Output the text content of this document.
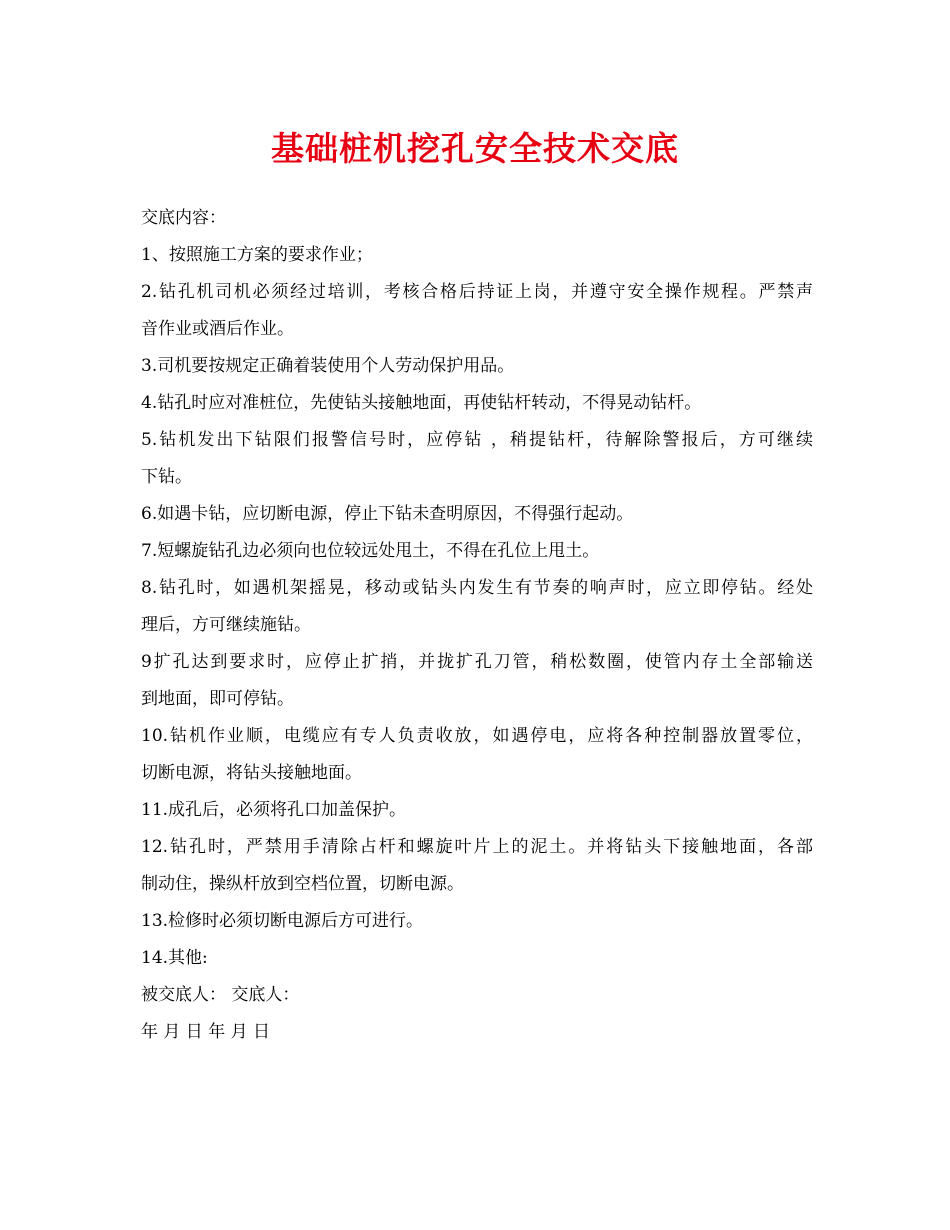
基础桩机挖孔安全技术交底
交底内容：
1、按照施工方案的要求作业；
2.钻孔机司机必须经过培训，考核合格后持证上岗，并遵守安全操作规程。严禁声
音作业或酒后作业。
3.司机要按规定正确着装使用个人劳动保护用品。
4.钻孔时应对准桩位，先使钻头接触地面，再使钻杆转动，不得晃动钻杆。
5.钻机发出下钻限们报警信号时，应停钻 ，稍提钻杆，待解除警报后，方可继续
下钻。
6.如遇卡钻，应切断电源，停止下钻未查明原因，不得强行起动。
7.短螺旋钻孔边必须向也位较远处甩土，不得在孔位上甩土。
8.钻孔时，如遇机架摇晃，移动或钻头内发生有节奏的响声时，应立即停钻。经处
理后，方可继续施钻。
9扩孔达到要求时，应停止扩捎，并拢扩孔刀管，稍松数圈，使管内存土全部输送
到地面，即可停钻。
10.钻机作业顺，电缆应有专人负责收放，如遇停电，应将各种控制器放置零位，
切断电源，将钻头接触地面。
11.成孔后，必须将孔口加盖保护。
12.钻孔时，严禁用手清除占杆和螺旋叶片上的泥土。并将钻头下接触地面，各部
制动住，操纵杆放到空档位置，切断电源。
13.检修时必须切断电源后方可进行。
14.其他:
被交底人： 交底人：
年 月 日 年 月 日
